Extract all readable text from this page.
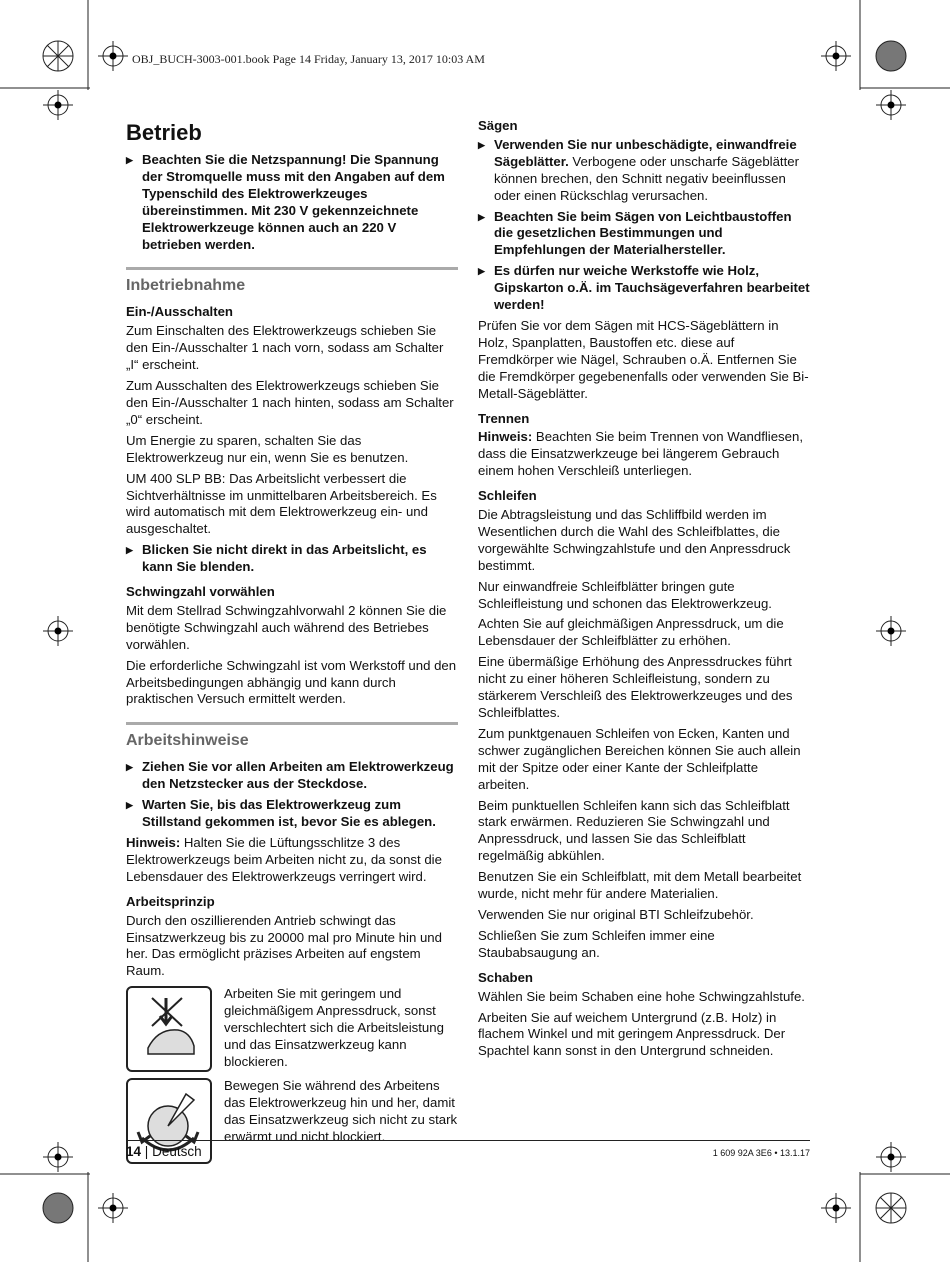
OBJ_BUCH-3003-001.book Page 14 Friday, January 13, 2017 10:03 AM
Betrieb
▶ Beachten Sie die Netzspannung! Die Spannung der Stromquelle muss mit den Angaben auf dem Typenschild des Elektrowerkzeuges übereinstimmen. Mit 230 V gekennzeichnete Elektrowerkzeuge können auch an 220 V betrieben werden.
Inbetriebnahme
Ein-/Ausschalten

Zum Einschalten des Elektrowerkzeugs schieben Sie den Ein-/Ausschalter 1 nach vorn, sodass am Schalter „I“ erscheint.

Zum Ausschalten des Elektrowerkzeugs schieben Sie den Ein-/Ausschalter 1 nach hinten, sodass am Schalter „0“ erscheint.

Um Energie zu sparen, schalten Sie das Elektrowerkzeug nur ein, wenn Sie es benutzen.

UM 400 SLP BB: Das Arbeitslicht verbessert die Sichtverhältnisse im unmittelbaren Arbeitsbereich. Es wird automatisch mit dem Elektrowerkzeug ein- und ausgeschaltet.

▶ Blicken Sie nicht direkt in das Arbeitslicht, es kann Sie blenden.
Schwingzahl vorwählen

Mit dem Stellrad Schwingzahlvorwahl 2 können Sie die benötigte Schwingzahl auch während des Betriebes vorwählen.

Die erforderliche Schwingzahl ist vom Werkstoff und den Arbeitsbedingungen abhängig und kann durch praktischen Versuch ermittelt werden.

Arbeitshinweise
▶ Ziehen Sie vor allen Arbeiten am Elektrowerkzeug den Netzstecker aus der Steckdose.
▶ Warten Sie, bis das Elektrowerkzeug zum Stillstand gekommen ist, bevor Sie es ablegen.

Hinweis: Halten Sie die Lüftungsschlitze 3 des Elektrowerkzeugs beim Arbeiten nicht zu, da sonst die Lebensdauer des Elektrowerkzeugs verringert wird.

Arbeitsprinzip

Durch den oszillierenden Antrieb schwingt das Einsatzwerkzeug bis zu 20000 mal pro Minute hin und her. Das ermöglicht präzises Arbeiten auf engstem Raum.

Arbeiten Sie mit geringem und gleichmäßigem Anpressdruck, sonst verschlechtert sich die Arbeitsleistung und das Einsatzwerkzeug kann blockieren.
Bewegen Sie während des Arbeitens das Elektrowerkzeug hin und her, damit das Einsatzwerkzeug sich nicht zu stark erwärmt und nicht blockiert.
Sägen
▶ Verwenden Sie nur unbeschädigte, einwandfreie Sägeblätter. Verbogene oder unscharfe Sägeblätter können brechen, den Schnitt negativ beeinflussen oder einen Rückschlag verursachen.
▶ Beachten Sie beim Sägen von Leichtbaustoffen die gesetzlichen Bestimmungen und Empfehlungen der Materialhersteller.
▶ Es dürfen nur weiche Werkstoffe wie Holz, Gipskarton o.Ä. im Tauchsägeverfahren bearbeitet werden!

Prüfen Sie vor dem Sägen mit HCS-Sägeblättern in Holz, Spanplatten, Baustoffen etc. diese auf Fremdkörper wie Nägel, Schrauben o.Ä. Entfernen Sie die Fremdkörper gegebenenfalls oder verwenden Sie Bi-Metall-Sägeblätter.

Trennen

Hinweis: Beachten Sie beim Trennen von Wandfliesen, dass die Einsatzwerkzeuge bei längerem Gebrauch einem hohen Verschleiß unterliegen.

Schleifen

Die Abtragsleistung und das Schliffbild werden im Wesentlichen durch die Wahl des Schleifblattes, die vorgewählte Schwingzahlstufe und den Anpressdruck bestimmt.

Nur einwandfreie Schleifblätter bringen gute Schleifleistung und schonen das Elektrowerkzeug.

Achten Sie auf gleichmäßigen Anpressdruck, um die Lebensdauer der Schleifblätter zu erhöhen.

Eine übermäßige Erhöhung des Anpressdruckes führt nicht zu einer höheren Schleifleistung, sondern zu stärkerem Verschleiß des Elektrowerkzeuges und des Schleifblattes.

Zum punktgenauen Schleifen von Ecken, Kanten und schwer zugänglichen Bereichen können Sie auch allein mit der Spitze oder einer Kante der Schleifplatte arbeiten.

Beim punktuellen Schleifen kann sich das Schleifblatt stark erwärmen. Reduzieren Sie Schwingzahl und Anpressdruck, und lassen Sie das Schleifblatt regelmäßig abkühlen.

Benutzen Sie ein Schleifblatt, mit dem Metall bearbeitet wurde, nicht mehr für andere Materialien.

Verwenden Sie nur original BTI Schleifzubehör.

Schließen Sie zum Schleifen immer eine Staubabsaugung an.

Schaben

Wählen Sie beim Schaben eine hohe Schwingzahlstufe.

Arbeiten Sie auf weichem Untergrund (z.B. Holz) in flachem Winkel und mit geringem Anpressdruck. Der Spachtel kann sonst in den Untergrund schneiden.

14 | Deutsch	1 609 92A 3E6 • 13.1.17
